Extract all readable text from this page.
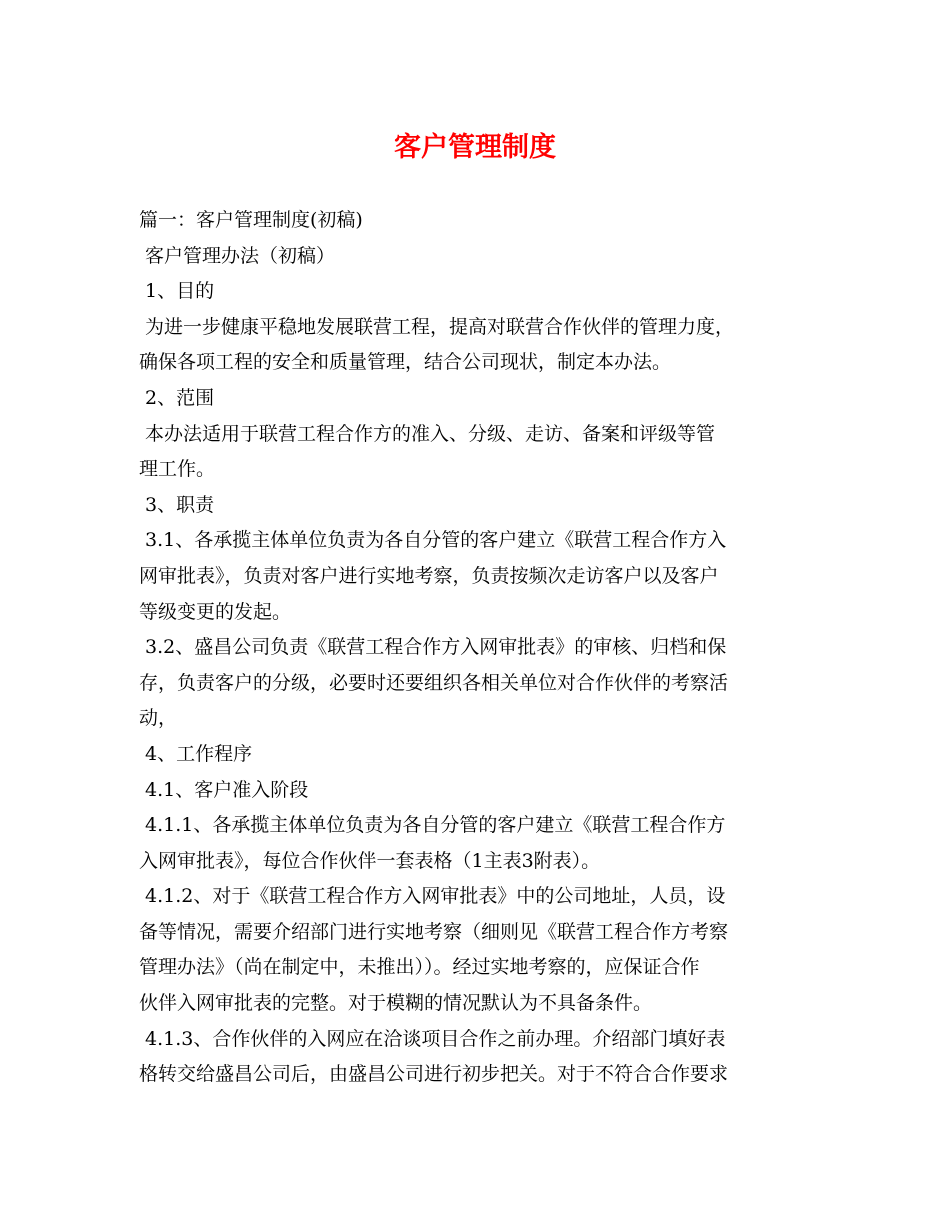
客户管理制度

篇一：客户管理制度(初稿)

客户管理办法（初稿）

1、目的

为进一步健康平稳地发展联营工程，提高对联营合作伙伴的管理力度，

确保各项工程的安全和质量管理，结合公司现状，制定本办法。

2、范围

本办法适用于联营工程合作方的准入、分级、走访、备案和评级等管

理工作。

3、职责

3.1、各承揽主体单位负责为各自分管的客户建立《联营工程合作方入

网审批表》，负责对客户进行实地考察，负责按频次走访客户以及客户

等级变更的发起。

3.2、盛昌公司负责《联营工程合作方入网审批表》的审核、归档和保

存，负责客户的分级，必要时还要组织各相关单位对合作伙伴的考察活

动，

4、工作程序

4.1、客户准入阶段

4.1.1、各承揽主体单位负责为各自分管的客户建立《联营工程合作方

入网审批表》，每位合作伙伴一套表格（1主表3附表）。

4.1.2、对于《联营工程合作方入网审批表》中的公司地址，人员，设

备等情况，需要介绍部门进行实地考察（细则见《联营工程合作方考察

管理办法》（尚在制定中，未推出））。经过实地考察的，应保证合作

伙伴入网审批表的完整。对于模糊的情况默认为不具备条件。

4.1.3、合作伙伴的入网应在洽谈项目合作之前办理。介绍部门填好表

格转交给盛昌公司后，由盛昌公司进行初步把关。对于不符合合作要求
